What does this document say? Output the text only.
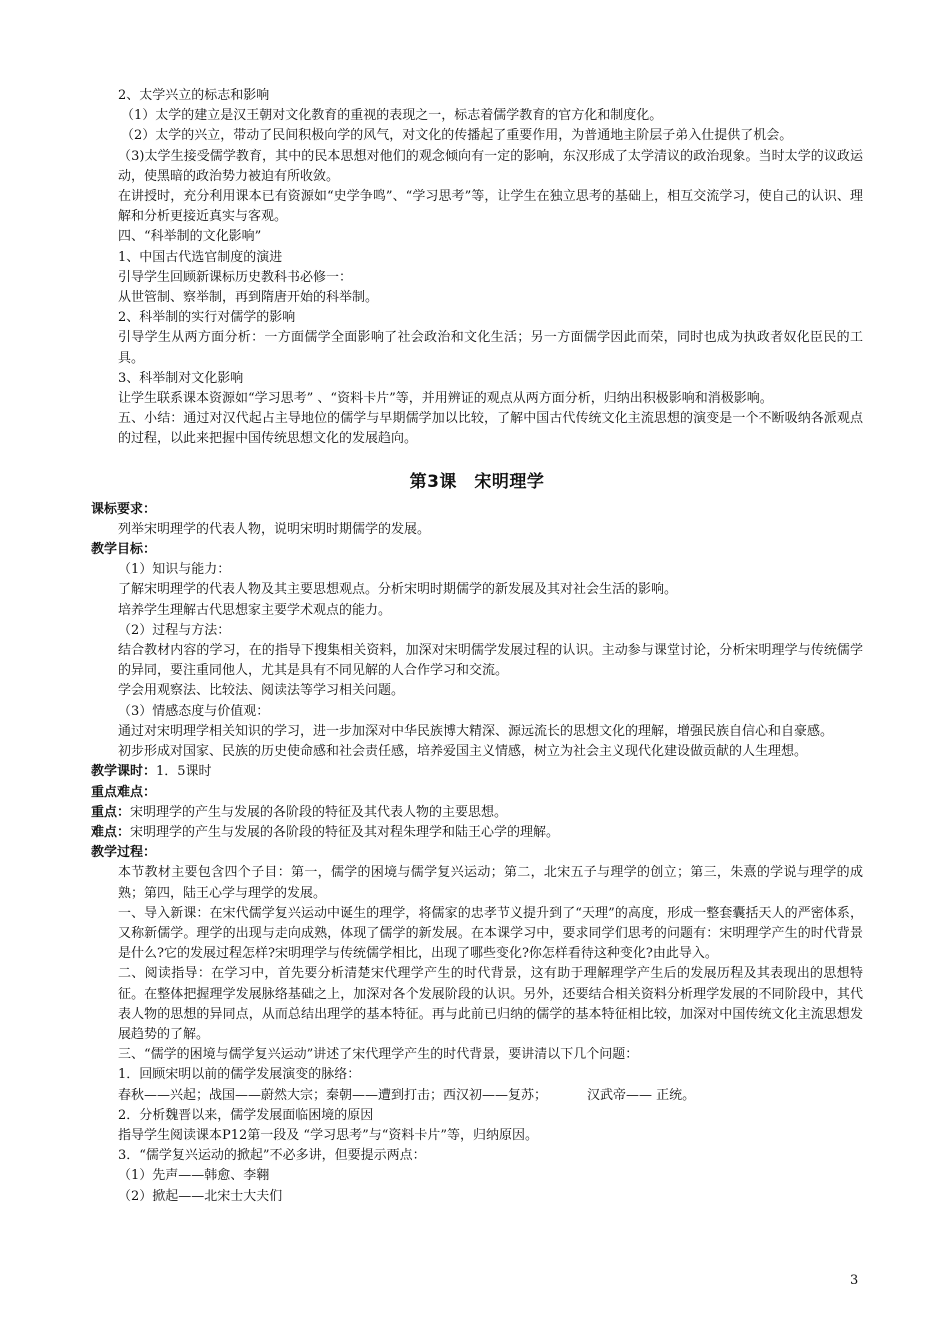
2、太学兴立的标志和影响
（1）太学的建立是汉王朝对文化教育的重视的表现之一，标志着儒学教育的官方化和制度化。
（2）太学的兴立，带动了民间积极向学的风气，对文化的传播起了重要作用，为普通地主阶层子弟入仕提供了机会。
（3)太学生接受儒学教育，其中的民本思想对他们的观念倾向有一定的影响，东汉形成了太学清议的政治现象。当时太学的议政运动，使黑暗的政治势力被迫有所收敛。
在讲授时，充分利用课本已有资源如“史学争鸣”、“学习思考”等，让学生在独立思考的基础上，相互交流学习，使自己的认识、理解和分析更接近真实与客观。
四、“科举制的文化影响”
1、中国古代选官制度的演进
引导学生回顾新课标历史教科书必修一：
从世管制、察举制，再到隋唐开始的科举制。
2、科举制的实行对儒学的影响
引导学生从两方面分析：一方面儒学全面影响了社会政治和文化生活；另一方面儒学因此而荣，同时也成为执政者奴化臣民的工具。
3、科举制对文化影响
让学生联系课本资源如“学习思考” 、“资料卡片”等，并用辨证的观点从两方面分析，归纳出积极影响和消极影响。
五、小结：通过对汉代起占主导地位的儒学与早期儒学加以比较，了解中国古代传统文化主流思想的演变是一个不断吸纳各派观点的过程，以此来把握中国传统思想文化的发展趋向。
第3课　宋明理学
课标要求：
列举宋明理学的代表人物，说明宋明时期儒学的发展。
教学目标：
（1）知识与能力：
了解宋明理学的代表人物及其主要思想观点。分析宋明时期儒学的新发展及其对社会生活的影响。
培养学生理解古代思想家主要学术观点的能力。
（2）过程与方法：
结合教材内容的学习，在的指导下搜集相关资料，加深对宋明儒学发展过程的认识。主动参与课堂讨论，分析宋明理学与传统儒学的异同，要注重同他人，尤其是具有不同见解的人合作学习和交流。
学会用观察法、比较法、阅读法等学习相关问题。
（3）情感态度与价值观：
通过对宋明理学相关知识的学习，进一步加深对中华民族博大精深、源远流长的思想文化的理解，增强民族自信心和自豪感。
初步形成对国家、民族的历史使命感和社会责任感，培养爱国主义情感，树立为社会主义现代化建设做贡献的人生理想。
教学课时：1．5课时
重点难点：
重点：宋明理学的产生与发展的各阶段的特征及其代表人物的主要思想。
难点：宋明理学的产生与发展的各阶段的特征及其对程朱理学和陆王心学的理解。
教学过程：
本节教材主要包含四个子目：第一，儒学的困境与儒学复兴运动；第二，北宋五子与理学的创立；第三，朱熹的学说与理学的成熟；第四，陆王心学与理学的发展。
一、导入新课：在宋代儒学复兴运动中诞生的理学，将儒家的忠孝节义提升到了“天理”的高度，形成一整套囊括天人的严密体系，又称新儒学。理学的出现与走向成熟，体现了儒学的新发展。在本课学习中，要求同学们思考的问题有：宋明理学产生的时代背景是什么?它的发展过程怎样?宋明理学与传统儒学相比，出现了哪些变化?你怎样看待这种变化?由此导入。
二、阅读指导：在学习中，首先要分析清楚宋代理学产生的时代背景，这有助于理解理学产生后的发展历程及其表现出的思想特征。在整体把握理学发展脉络基础之上，加深对各个发展阶段的认识。另外，还要结合相关资料分析理学发展的不同阶段中，其代表人物的思想的异同点，从而总结出理学的基本特征。再与此前已归纳的儒学的基本特征相比较，加深对中国传统文化主流思想发展趋势的了解。
三、“儒学的困境与儒学复兴运动”讲述了宋代理学产生的时代背景，要讲清以下几个问题：
1．回顾宋明以前的儒学发展演变的脉络：
春秋——兴起；战国——蔚然大宗；秦朝——遭到打击；西汉初——复苏；	汉武帝—— 正统。
2．分析魏晋以来，儒学发展面临困境的原因
指导学生阅读课本P12第一段及 “学习思考”与“资料卡片”等，归纳原因。
3．“儒学复兴运动的掀起”不必多讲，但要提示两点：
（1）先声——韩愈、李翱
（2）掀起——北宋士大夫们
3
